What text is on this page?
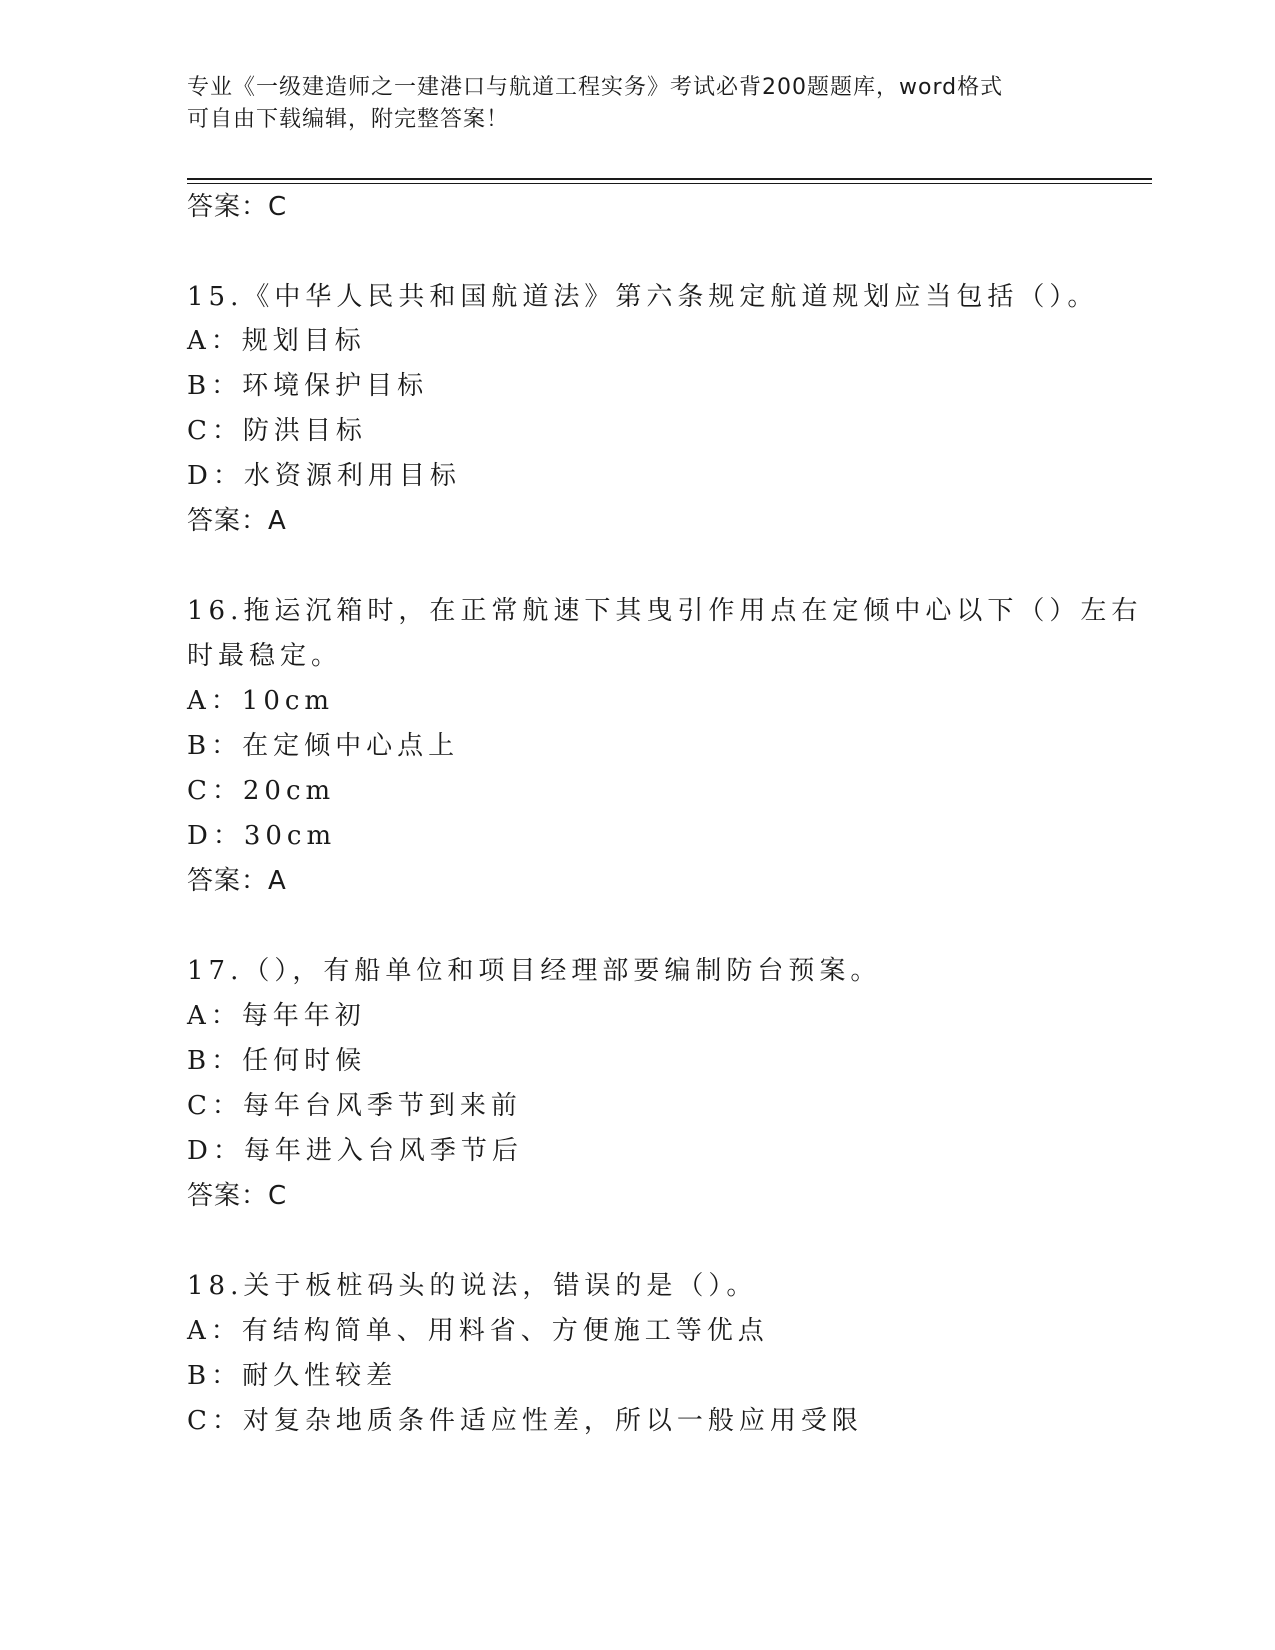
专业《一级建造师之一建港口与航道工程实务》考试必背200题题库，word格式
可自由下载编辑，附完整答案！
答案：C
15.《中华人民共和国航道法》第六条规定航道规划应当包括（）。
A：规划目标
B：环境保护目标
C：防洪目标
D：水资源利用目标
答案：A
16.拖运沉箱时，在正常航速下其曳引作用点在定倾中心以下（）左右
时最稳定。
A：10cm
B：在定倾中心点上
C：20cm
D：30cm
答案：A
17.（），有船单位和项目经理部要编制防台预案。
A：每年年初
B：任何时候
C：每年台风季节到来前
D：每年进入台风季节后
答案：C
18.关于板桩码头的说法，错误的是（）。
A：有结构简单、用料省、方便施工等优点
B：耐久性较差
C：对复杂地质条件适应性差，所以一般应用受限
